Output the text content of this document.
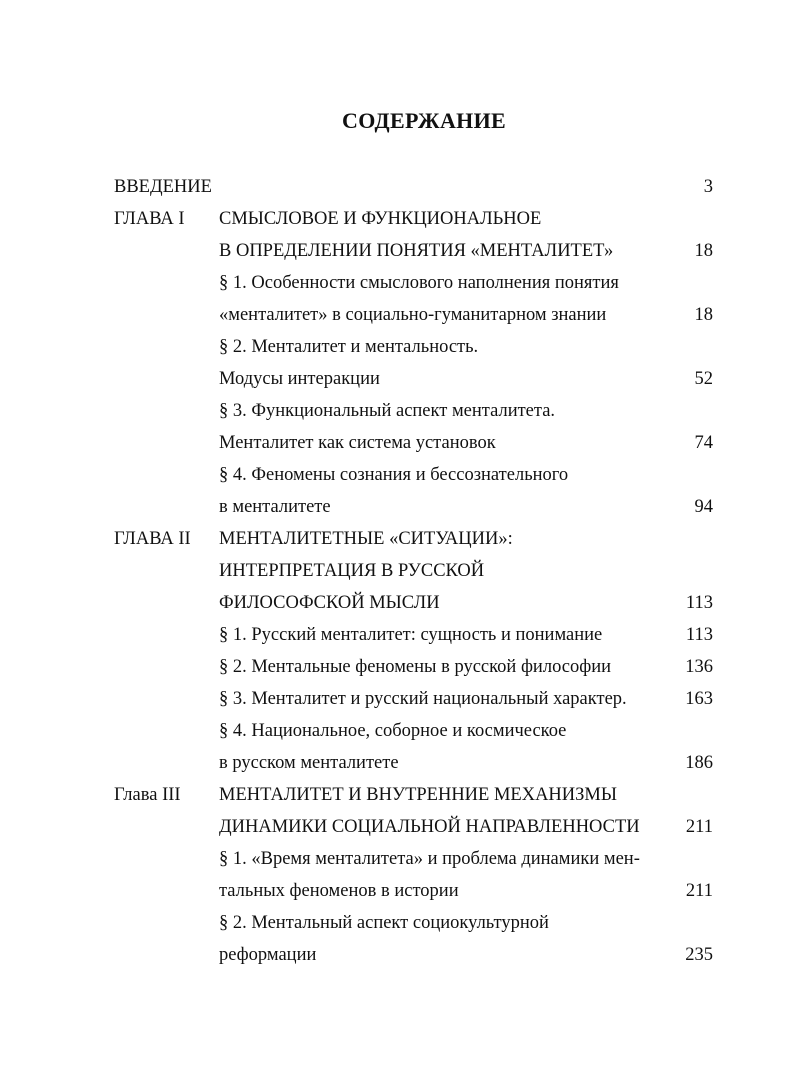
СОДЕРЖАНИЕ
ВВЕДЕНИЕ	3
ГЛАВА I СМЫСЛОВОЕ И ФУНКЦИОНАЛЬНОЕ
В ОПРЕДЕЛЕНИИ ПОНЯТИЯ «МЕНТАЛИТЕТ»	18
§ 1. Особенности смыслового наполнения понятия
«менталитет» в социально-гуманитарном знании	18
§ 2. Менталитет и ментальность.
Модусы интеракции	52
§ 3. Функциональный аспект менталитета.
Менталитет как система установок	74
§ 4. Феномены сознания и бессознательного
в менталитете	94
ГЛАВА II МЕНТАЛИТЕТНЫЕ «СИТУАЦИИ»:
ИНТЕРПРЕТАЦИЯ В РУССКОЙ
ФИЛОСОФСКОЙ МЫСЛИ	113
§ 1. Русский менталитет: сущность и понимание	113
§ 2. Ментальные феномены в русской философии	136
§ 3. Менталитет и русский национальный характер.	163
§ 4. Национальное, соборное и космическое
в русском менталитете	186
Глава III МЕНТАЛИТЕТ И ВНУТРЕННИЕ МЕХАНИЗМЫ
ДИНАМИКИ СОЦИАЛЬНОЙ НАПРАВЛЕННОСТИ	211
§ 1. «Время менталитета» и проблема динамики мен-
тальных феноменов в истории	211
§ 2. Ментальный аспект социокультурной
реформации	235
